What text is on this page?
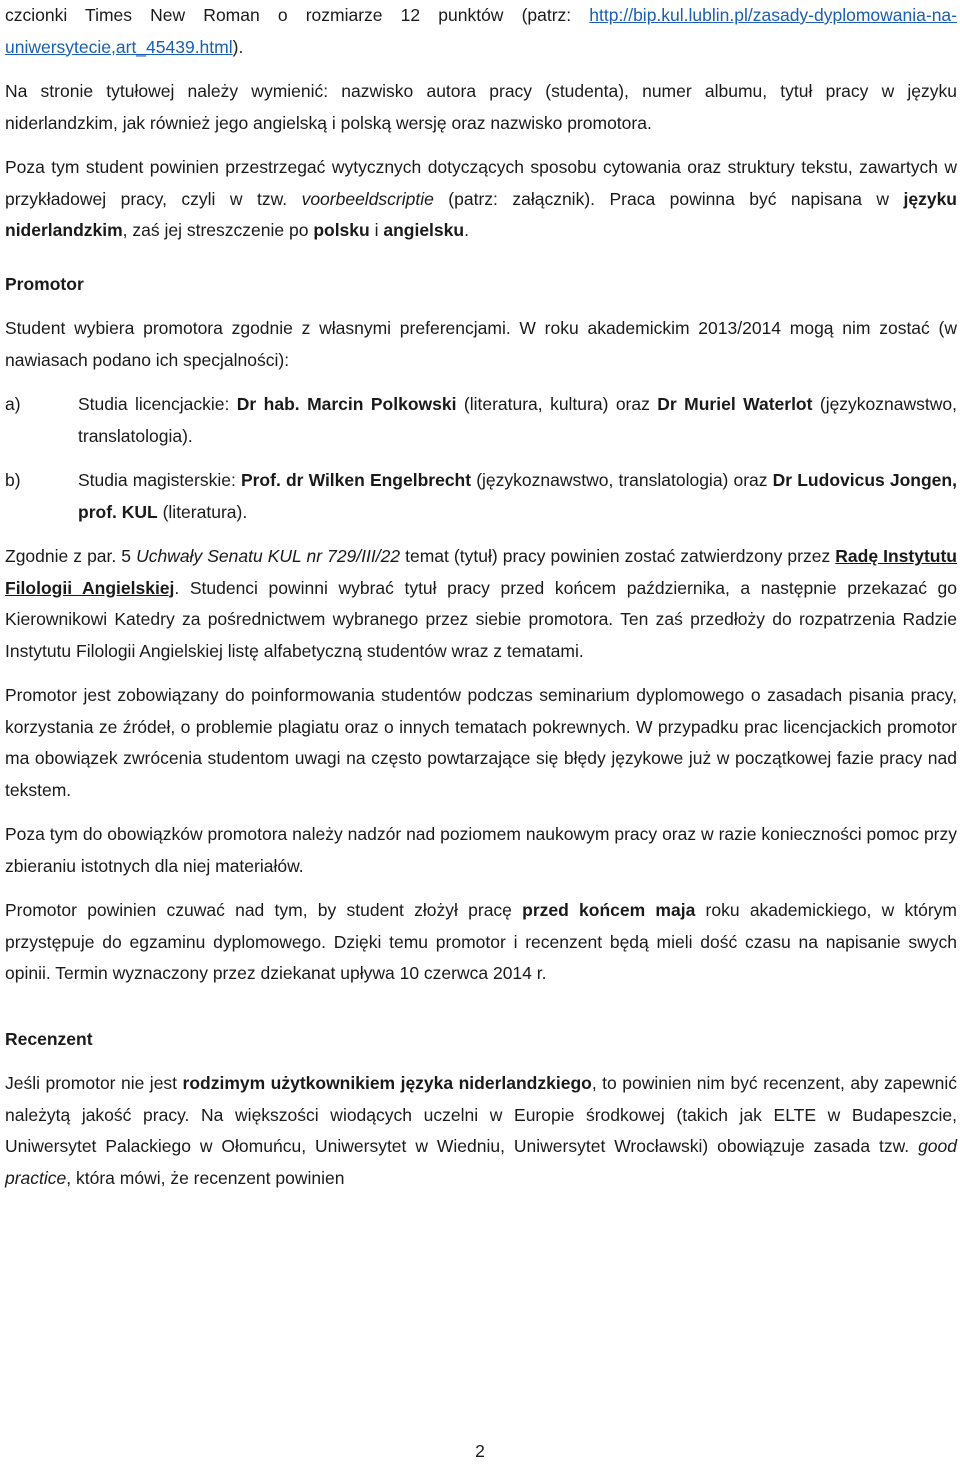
czcionki Times New Roman o rozmiarze 12 punktów (patrz: http://bip.kul.lublin.pl/zasady-dyplomowania-na-uniwersytecie,art_45439.html).

Na stronie tytułowej należy wymienić: nazwisko autora pracy (studenta), numer albumu, tytuł pracy w języku niderlandzkim, jak również jego angielską i polską wersję oraz nazwisko promotora.

Poza tym student powinien przestrzegać wytycznych dotyczących sposobu cytowania oraz struktury tekstu, zawartych w przykładowej pracy, czyli w tzw. voorbeeldscriptie (patrz: załącznik). Praca powinna być napisana w języku niderlandzkim, zaś jej streszczenie po polsku i angielsku.

Promotor

Student wybiera promotora zgodnie z własnymi preferencjami. W roku akademickim 2013/2014 mogą nim zostać (w nawiasach podano ich specjalności):

a)	Studia licencjackie: Dr hab. Marcin Polkowski (literatura, kultura) oraz Dr Muriel Waterlot (językoznawstwo, translatologia).
b)	Studia magisterskie: Prof. dr Wilken Engelbrecht (językoznawstwo, translatologia) oraz Dr Ludovicus Jongen, prof. KUL (literatura).

Zgodnie z par. 5 Uchwały Senatu KUL nr 729/III/22 temat (tytuł) pracy powinien zostać zatwierdzony przez Radę Instytutu Filologii Angielskiej. Studenci powinni wybrać tytuł pracy przed końcem października, a następnie przekazać go Kierownikowi Katedry za pośrednictwem wybranego przez siebie promotora. Ten zaś przedłoży do rozpatrzenia Radzie Instytutu Filologii Angielskiej listę alfabetyczną studentów wraz z tematami.

Promotor jest zobowiązany do poinformowania studentów podczas seminarium dyplomowego o zasadach pisania pracy, korzystania ze źródeł, o problemie plagiatu oraz o innych tematach pokrewnych. W przypadku prac licencjackich promotor ma obowiązek zwrócenia studentom uwagi na często powtarzające się błędy językowe już w początkowej fazie pracy nad tekstem.

Poza tym do obowiązków promotora należy nadzór nad poziomem naukowym pracy oraz w razie konieczności pomoc przy zbieraniu istotnych dla niej materiałów.

Promotor powinien czuwać nad tym, by student złożył pracę przed końcem maja roku akademickiego, w którym przystępuje do egzaminu dyplomowego. Dzięki temu promotor i recenzent będą mieli dość czasu na napisanie swych opinii. Termin wyznaczony przez dziekanat upływa 10 czerwca 2014 r.

Recenzent

Jeśli promotor nie jest rodzimym użytkownikiem języka niderlandzkiego, to powinien nim być recenzent, aby zapewnić należytą jakość pracy. Na większości wiodących uczelni w Europie środkowej (takich jak ELTE w Budapeszcie, Uniwersytet Palackiego w Ołomuńcu, Uniwersytet w Wiedniu, Uniwersytet Wrocławski) obowiązuje zasada tzw. good practice, która mówi, że recenzent powinien

2
